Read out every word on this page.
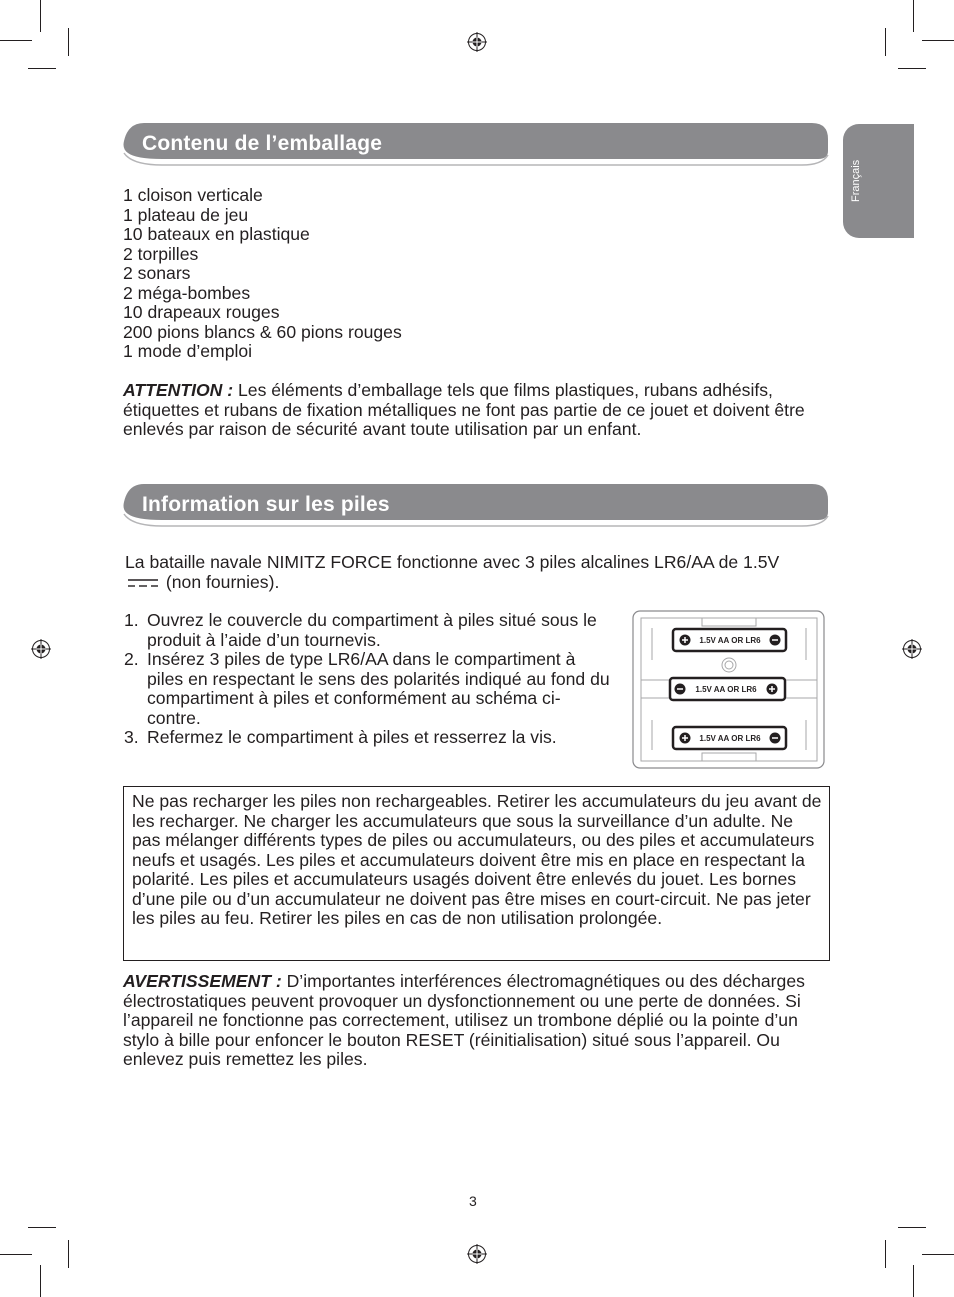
Français
Contenu de l’emballage
1 cloison verticale
1 plateau de jeu
10 bateaux en plastique
2 torpilles
2 sonars
2 méga-bombes
10 drapeaux rouges
200 pions blancs & 60 pions rouges
1 mode d’emploi

ATTENTION : Les éléments d’emballage tels que films plastiques, rubans adhésifs, étiquettes et rubans de fixation métalliques ne font pas partie de ce jouet et doivent être enlevés par raison de sécurité avant toute utilisation par un enfant.

Information sur les piles

La bataille navale NIMITZ FORCE fonctionne avec 3 piles alcalines LR6/AA de 1.5V  (non fournies).

1. Ouvrez le couvercle du compartiment à piles situé sous le produit à l’aide d’un tournevis.
2. Insérez 3 piles de type LR6/AA dans le compartiment à piles en respectant le sens des polarités indiqué au fond du compartiment à piles et conformément au schéma ci-contre.
3. Refermez le compartiment à piles et resserrez la vis.
1.5V AA OR LR6
1.5V AA OR LR6
1.5V AA OR LR6

Ne pas recharger les piles non rechargeables. Retirer les accumulateurs du jeu avant de les recharger. Ne charger les accumulateurs que sous la surveillance d’un adulte. Ne pas mélanger différents types de piles ou accumulateurs, ou des piles et accumulateurs neufs et usagés. Les piles et accumulateurs doivent être mis en place en respectant la polarité. Les piles et accumulateurs usagés doivent être enlevés du jouet. Les bornes d’une pile ou d’un accumulateur ne doivent pas être mises en court-circuit. Ne pas jeter les piles au feu. Retirer les piles en cas de non utilisation prolongée.

AVERTISSEMENT : D’importantes interférences électromagnétiques ou des décharges électrostatiques peuvent provoquer un dysfonctionnement ou une perte de données. Si l’appareil ne fonctionne pas correctement, utilisez un trombone déplié ou la pointe d’un stylo à bille pour enfoncer le bouton RESET (réinitialisation) situé sous l’appareil. Ou enlevez puis remettez les piles.

3
